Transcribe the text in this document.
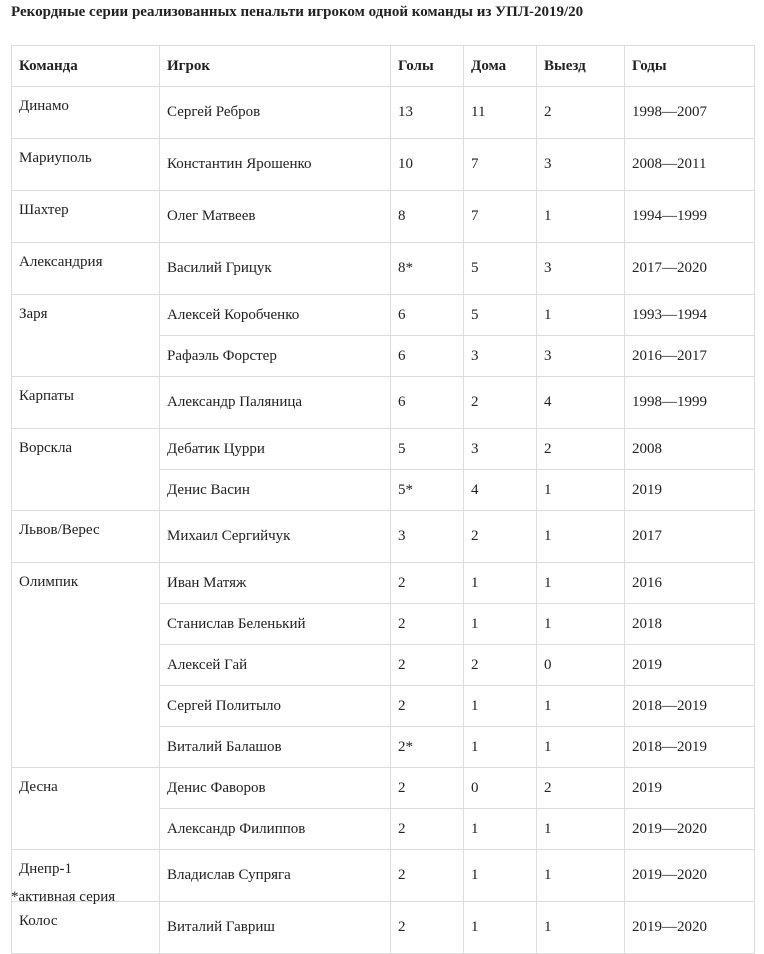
Рекордные серии реализованных пенальти игроком одной команды из УПЛ-2019/20
Команда	Игрок	Голы	Дома	Выезд	Годы
Динамо	Сергей Ребров	13	11	2	1998—2007
Мариуполь	Константин Ярошенко	10	7	3	2008—2011
Шахтер	Олег Матвеев	8	7	1	1994—1999
Александрия	Василий Грицук	8*	5	3	2017—2020
Заря	Алексей Коробченко	6	5	1	1993—1994
	Рафаэль Форстер	6	3	3	2016—2017
Карпаты	Александр Паляница	6	2	4	1998—1999
Ворскла	Дебатик Цурри	5	3	2	2008
	Денис Васин	5*	4	1	2019
Львов/Верес	Михаил Сергийчук	3	2	1	2017
Олимпик	Иван Матяж	2	1	1	2016
	Станислав Беленький	2	1	1	2018
	Алексей Гай	2	2	0	2019
	Сергей Политыло	2	1	1	2018—2019
	Виталий Балашов	2*	1	1	2018—2019
Десна	Денис Фаворов	2	0	2	2019
	Александр Филиппов	2	1	1	2019—2020
Днепр-1	Владислав Супряга	2	1	1	2019—2020
Колос	Виталий Гавриш	2	1	1	2019—2020
*активная серия
